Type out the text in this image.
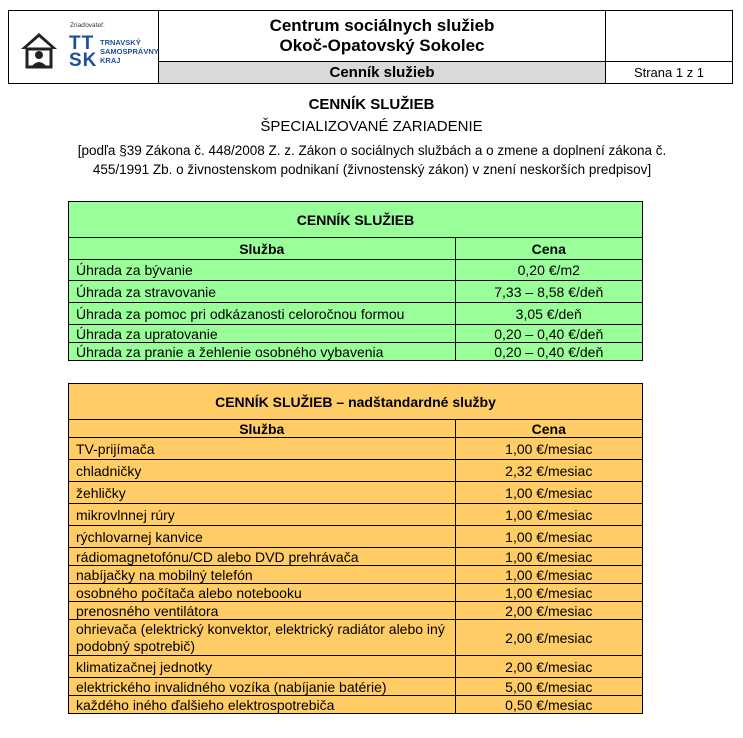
Zriaďovateľ:
TT SK
TRNAVSKÝ
SAMOSPRÁVNY
KRAJ	Centrum sociálnych služieb
Okoč-Opatovský Sokolec	
	Cenník služieb	Strana 1 z 1
CENNÍK SLUŽIEB
ŠPECIALIZOVANÉ ZARIADENIE
[podľa §39 Zákona č. 448/2008 Z. z. Zákon o sociálnych službách a o zmene a doplnení zákona č.
455/1991 Zb. o živnostenskom podnikaní (živnostenský zákon) v znení neskorších predpisov]
CENNÍK SLUŽIEB	
Služba	Cena
Úhrada za bývanie	0,20 €/m2
Úhrada za stravovanie	7,33 – 8,58 €/deň
Úhrada za pomoc pri odkázanosti celoročnou formou	3,05 €/deň
Úhrada za upratovanie	0,20 – 0,40 €/deň
Úhrada za pranie a žehlenie osobného vybavenia	0,20 – 0,40 €/deň
CENNÍK SLUŽIEB – nadštandardné služby	
Služba	Cena
TV-prijímača	1,00 €/mesiac
chladničky	2,32 €/mesiac
žehličky	1,00 €/mesiac
mikrovlnnej rúry	1,00 €/mesiac
rýchlovarnej kanvice	1,00 €/mesiac
rádiomagnetofónu/CD alebo DVD prehrávača	1,00 €/mesiac
nabíjačky na mobilný telefón	1,00 €/mesiac
osobného počítača alebo notebooku	1,00 €/mesiac
prenosného ventilátora	2,00 €/mesiac
ohrievača (elektrický konvektor, elektrický radiátor alebo iný podobný spotrebič)	2,00 €/mesiac
klimatizačnej jednotky	2,00 €/mesiac
elektrického invalidného vozíka (nabíjanie batérie)	5,00 €/mesiac
každého iného ďalšieho elektrospotrebiča	0,50 €/mesiac
